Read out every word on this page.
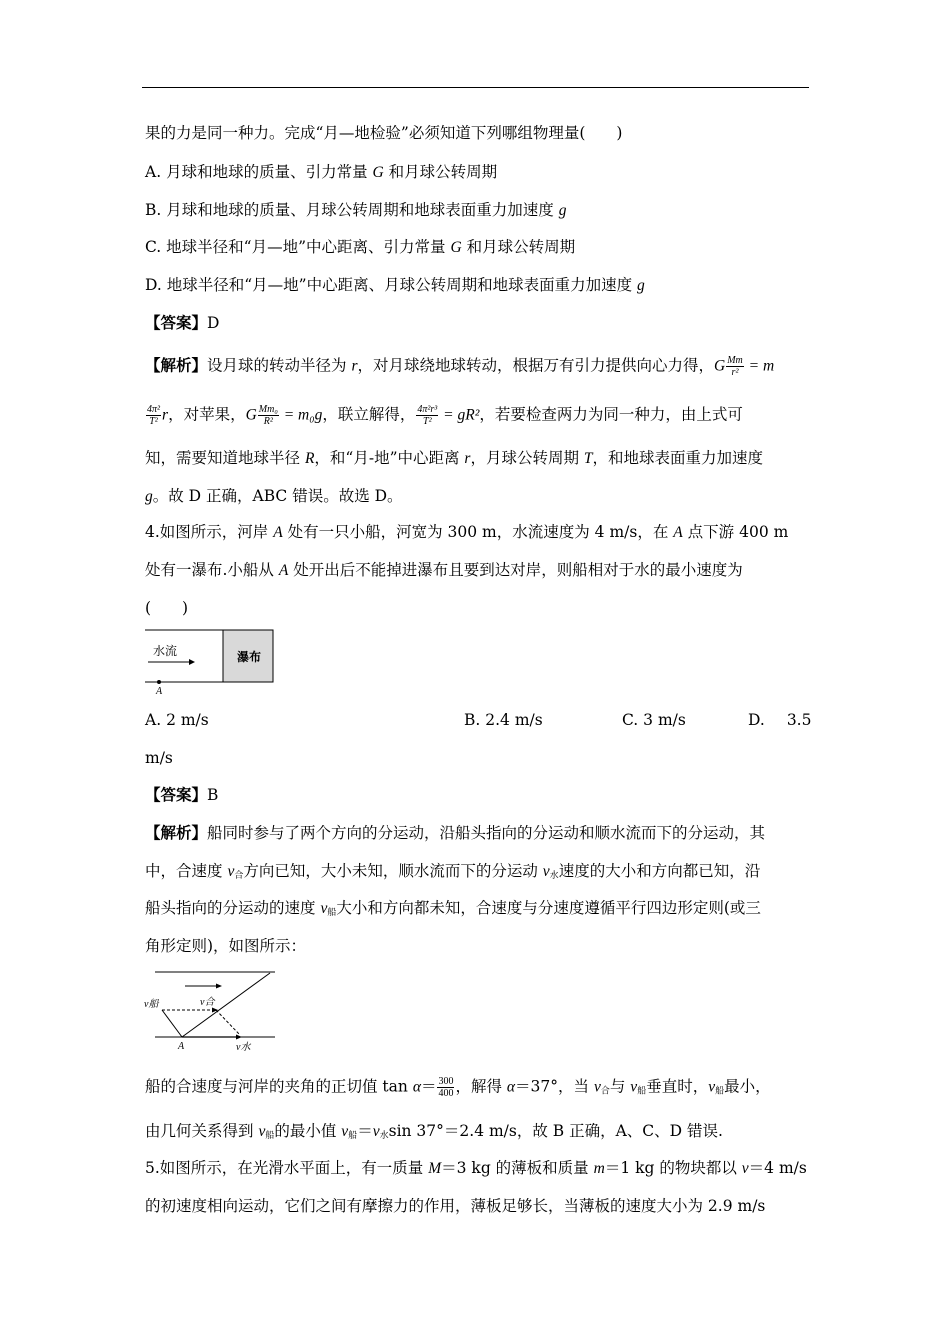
果的力是同一种力。完成“月—地检验”必须知道下列哪组物理量(　　)
A. 月球和地球的质量、引力常量 G 和月球公转周期
B. 月球和地球的质量、月球公转周期和地球表面重力加速度 g
C. 地球半径和“月—地”中心距离、引力常量 G 和月球公转周期
D. 地球半径和“月—地”中心距离、月球公转周期和地球表面重力加速度 g
【答案】D
【解析】设月球的转动半径为 r，对月球绕地球转动，根据万有引力提供向心力得，G $\frac{Mm}{\text{r²}} = m$
$\frac{\text{4π²}}{\text{T²}}$ r，对苹果，G $\frac{\text{Mm₀}}{\text{R²}} = m_0g$，联立解得， $\frac{\text{4π²r³}}{\text{T²}} = gR^2$，若要检查两力为同一种力，由上式可
知，需要知道地球半径 R，和“月-地”中心距离 r，月球公转周期 T，和地球表面重力加速度
g。故 D 正确，ABC 错误。故选 D。
4.如图所示，河岸 A 处有一只小船，河宽为 300 m，水流速度为 4 m/s，在 A 点下游 400 m
处有一瀑布.小船从 A 处开出后不能掉进瀑布且要到达对岸，则船相对于水的最小速度为
(　　)
瀑布
水流
A
A. 2 m/s	B. 2.4 m/s	C. 3 m/s	D. 3.5
m/s
【答案】B
【解析】船同时参与了两个方向的分运动，沿船头指向的分运动和顺水流而下的分运动，其
中，合速度 $v_合$方向已知，大小未知，顺水流而下的分运动 $v_水$速度的大小和方向都已知，沿
船头指向的分运动的速度 $v_船$大小和方向都未知，合速度与分速度遵循平行四边形定则(或三
角形定则)，如图所示：
v船	v合
A	v水
船的合速度与河岸的夹角的正切值 $\tan \alpha= \frac{300}{400}$ ，解得 α＝37°，当 $v_合$与 $v_船$垂直时，$v_船$最小，
由几何关系得到 $v_船$的最小值 $v_船=v_水\sin$ 37°＝2.4 m/s，故 B 正确，A、C、D 错误.
5.如图所示，在光滑水平面上，有一质量 M＝3 kg 的薄板和质量 m＝1 kg 的物块都以 v＝4 m/s
的初速度相向运动，它们之间有摩擦力的作用，薄板足够长，当薄板的速度大小为 2.9 m/s
